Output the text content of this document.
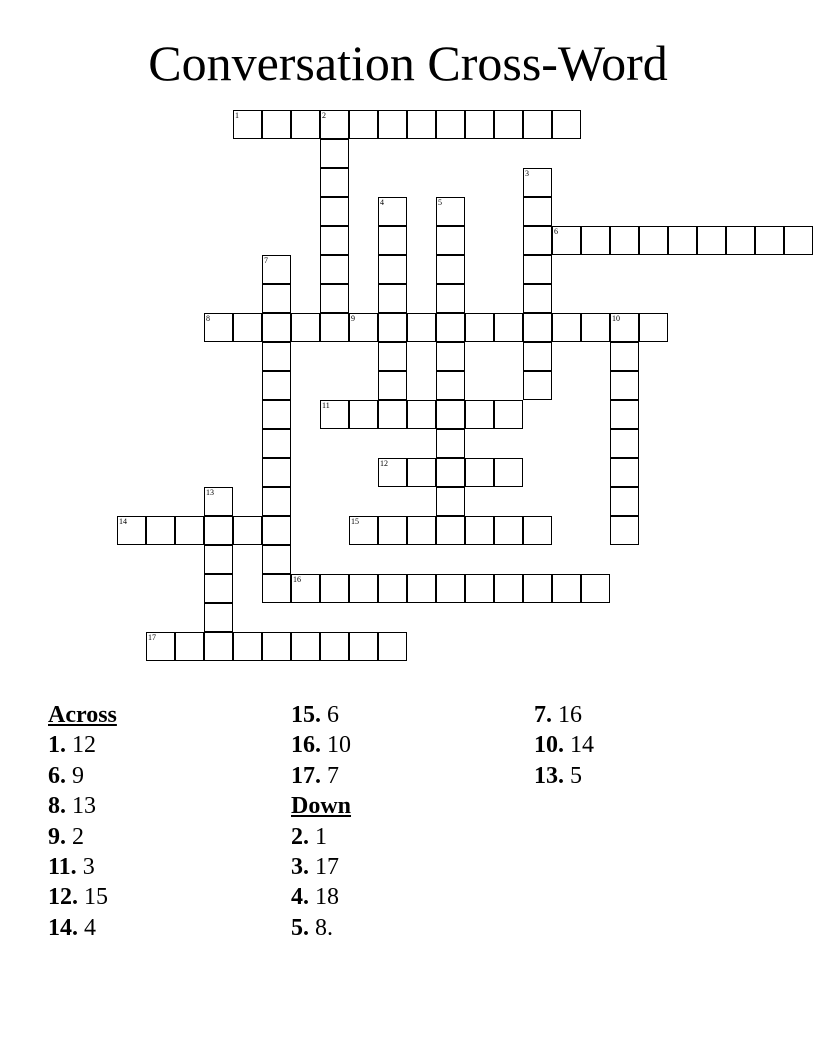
Conversation Cross-Word
1	2
6
8	9	10
11
12
14	15
16
17
3
4	5
7
13
Across
1. 12
6. 9
8. 13
9. 2
11. 3
12. 15
14. 4
15. 6
16. 10
17. 7
Down
2. 1
3. 17
4. 18
5. 8.
7. 16
10. 14
13. 5
